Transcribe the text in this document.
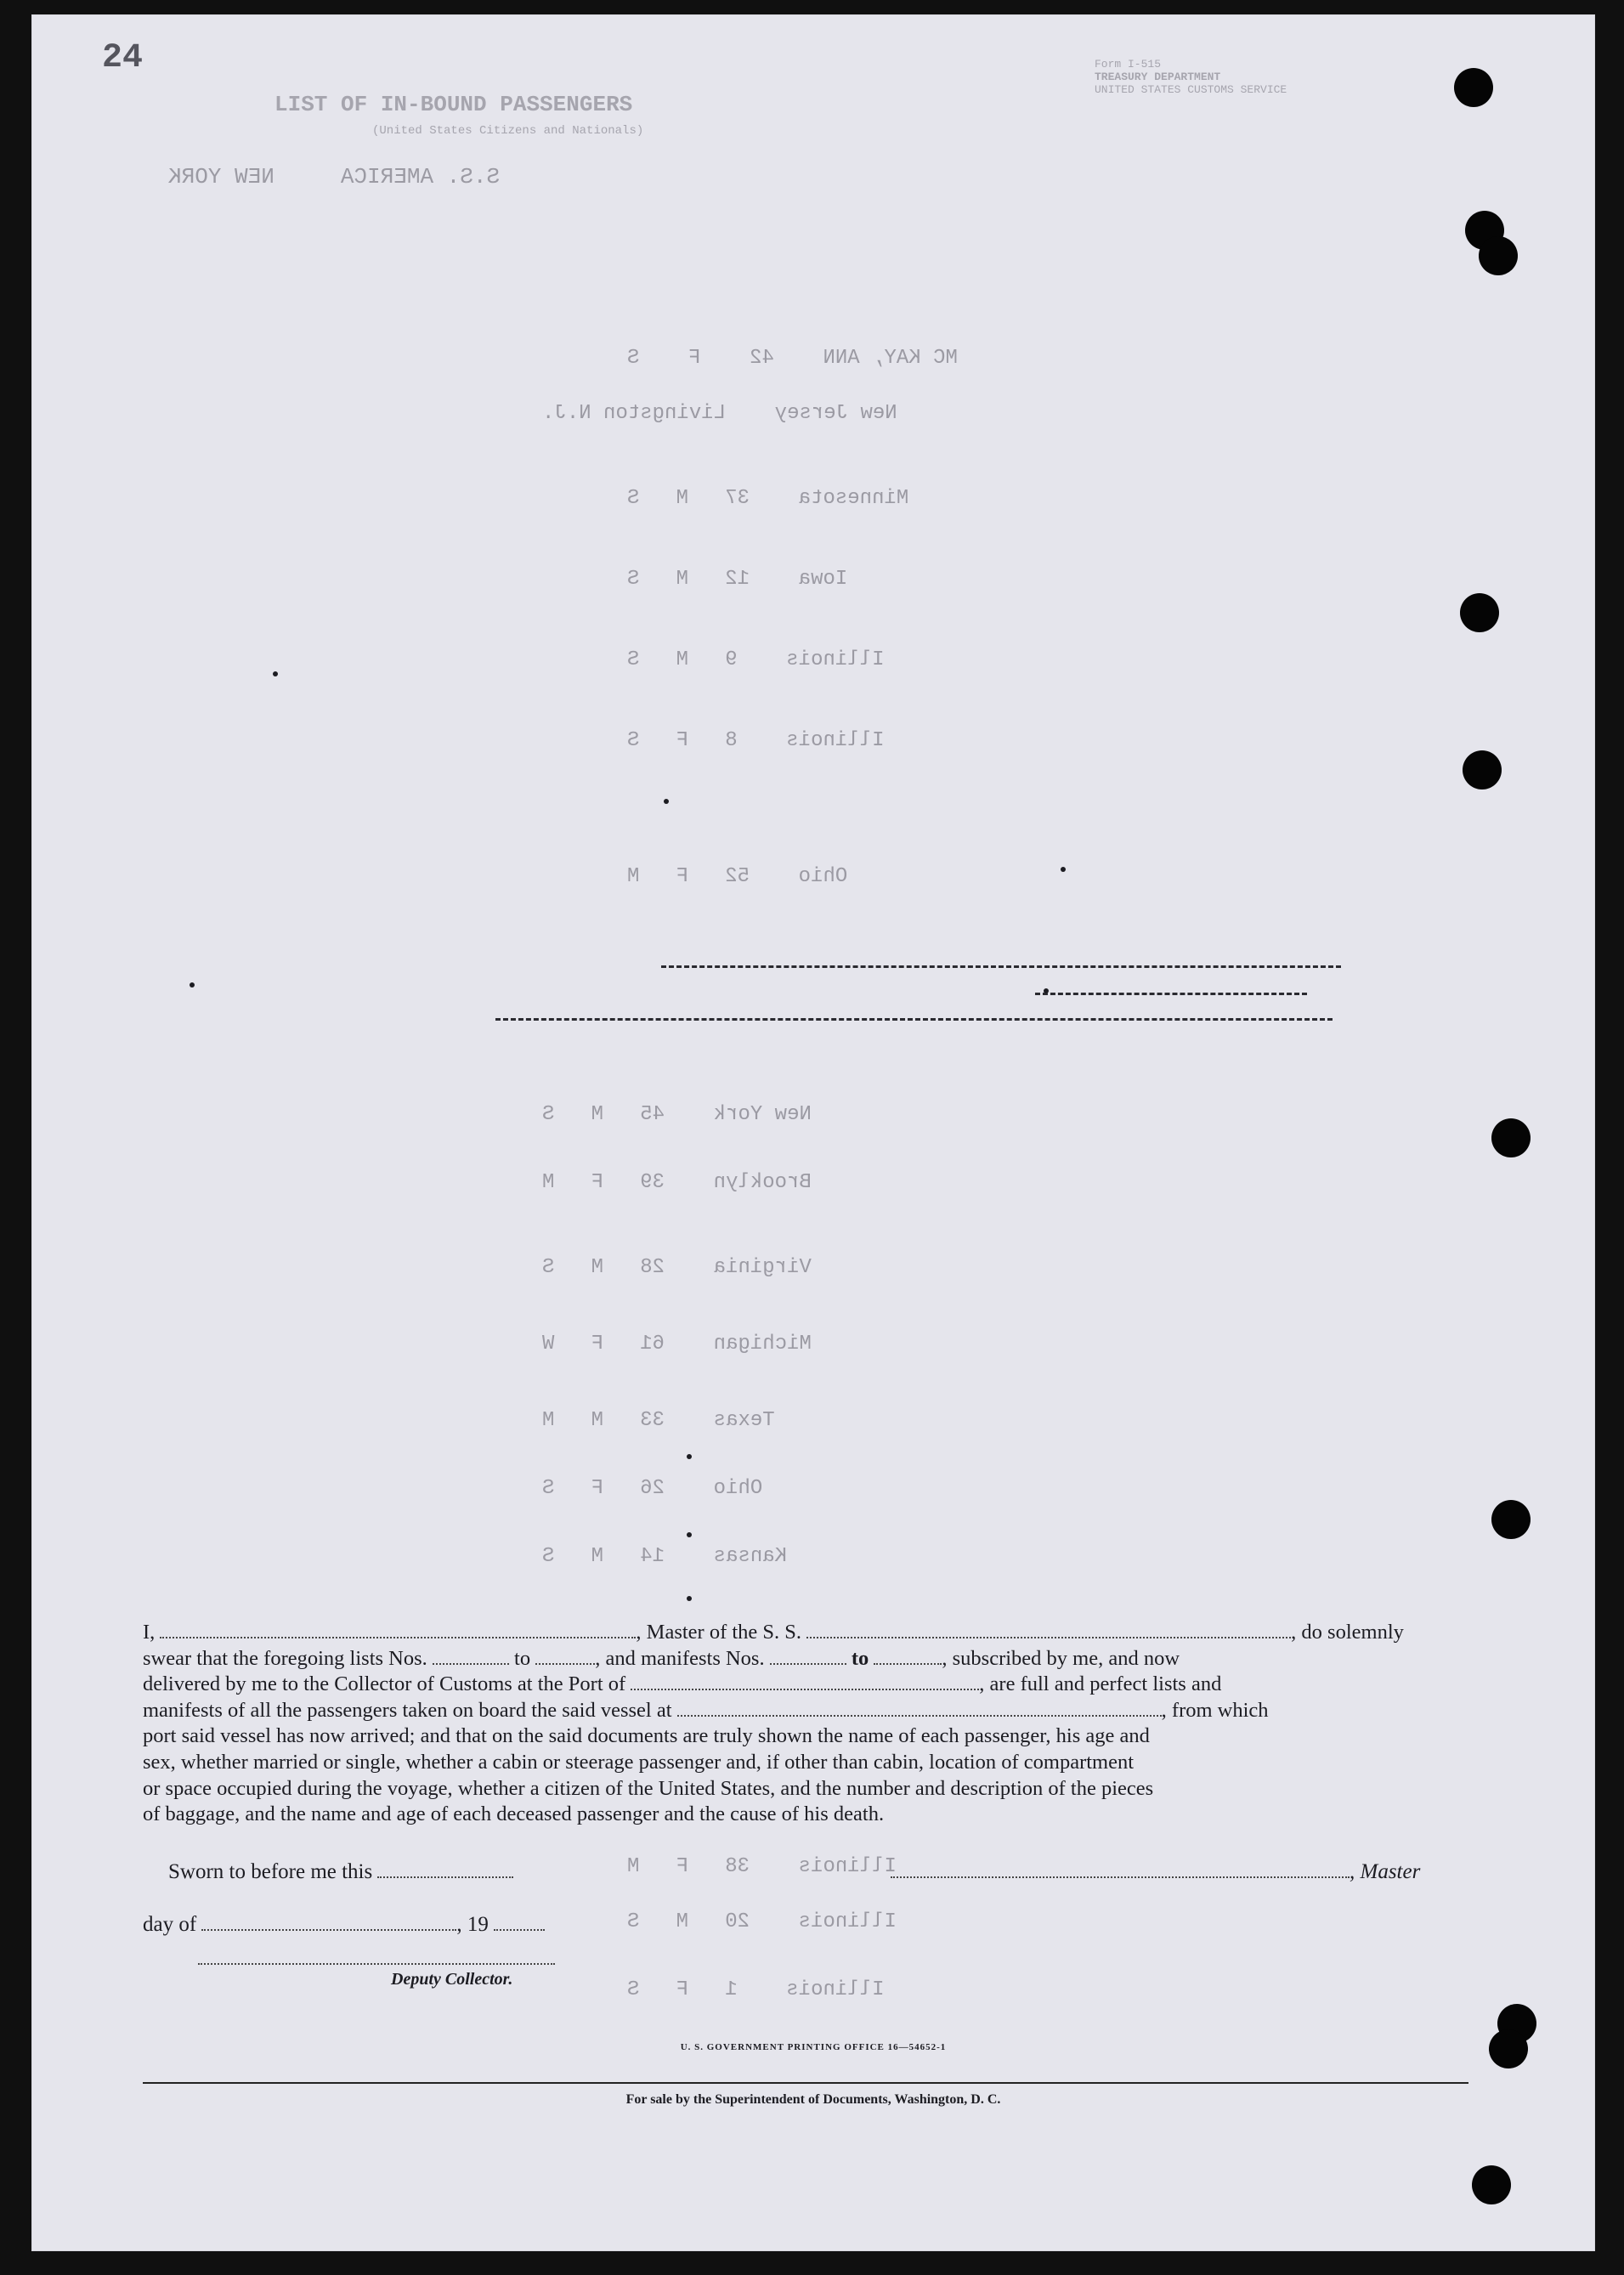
24
LIST OF IN-BOUND PASSENGERS
(United States Citizens and Nationals)
Form I-515
TREASURY DEPARTMENT
UNITED STATES CUSTOMS SERVICE
S.S. AMERICA     NEW YORK
MC KAY, ANN    42    F    S
New Jersey    Livingston N.J.
Minnesota    37   M   S
Iowa    12   M   S
Illinois    9   M   S
Illinois    8   F   S
Ohio    52   F   M
New York    45   M   S
Brooklyn    39   F   M
Virginia    28   M   S
Michigan    61   F   W
Texas    33   M   M
Ohio    26   F   S
Kansas    14   M   S
Illinois    38   F   M
Illinois    20   M   S
Illinois    1   F   S
I,	, Master of the S. S.	, do solemnly
swear that the foregoing lists Nos.	to	, and manifests Nos.	to	, subscribed by me, and now
delivered by me to the Collector of Customs at the Port of	, are full and perfect lists and
manifests of all the passengers taken on board the said vessel at	, from which
port said vessel has now arrived; and that on the said documents are truly shown the name of each passenger, his age and
sex, whether married or single, whether a cabin or steerage passenger and, if other than cabin, location of compartment
or space occupied during the voyage, whether a citizen of the United States, and the number and description of the pieces
of baggage, and the name and age of each deceased passenger and the cause of his death.
Sworn to before me this	, Master
day of	, 19
Deputy Collector.
U. S. GOVERNMENT PRINTING OFFICE 16—54652-1
For sale by the Superintendent of Documents, Washington, D. C.
